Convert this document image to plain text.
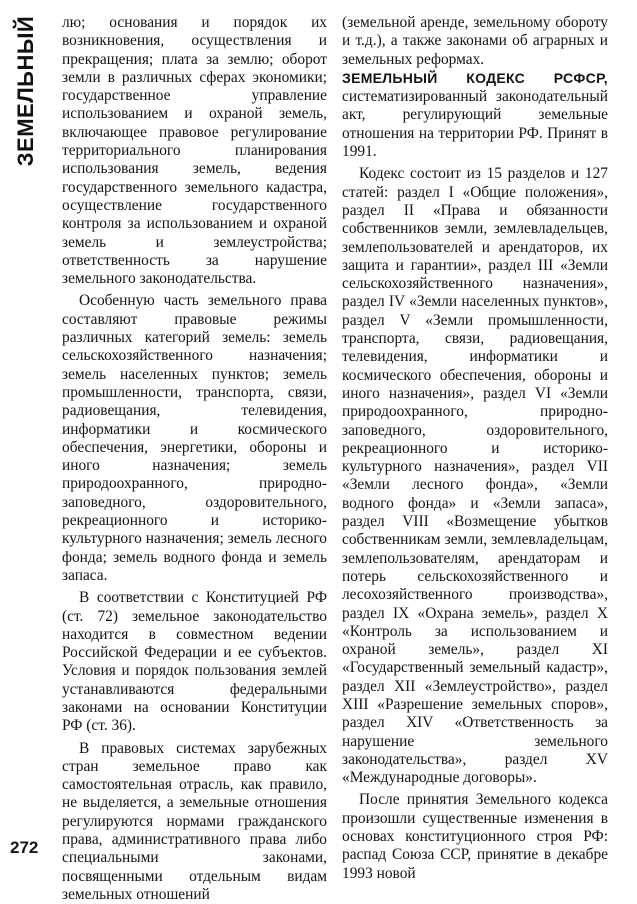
ЗЕМЕЛЬНЫЙ
272

лю; основания и порядок их возникновения, осуществления и прекращения; плата за землю; оборот земли в различных сферах экономики; государственное управление использованием и охраной земель, включающее правовое регулирование территориального планирования использования земель, ведения государственного земельного кадастра, осуществление государственного контроля за использованием и охраной земель и землеустройства; ответственность за нарушение земельного законодательства.

Особенную часть земельного права составляют правовые режимы различных категорий земель: земель сельскохозяйственного назначения; земель населенных пунктов; земель промышленности, транспорта, связи, радиовещания, телевидения, информатики и космического обеспечения, энергетики, обороны и иного назначения; земель природоохранного, природно-заповедного, оздоровительного, рекреационного и историко-культурного назначения; земель лесного фонда; земель водного фонда и земель запаса.

В соответствии с Конституцией РФ (ст. 72) земельное законодательство находится в совместном ведении Российской Федерации и ее субъектов. Условия и порядок пользования землей устанавливаются федеральными законами на основании Конституции РФ (ст. 36).

В правовых системах зарубежных стран земельное право как самостоятельная отрасль, как правило, не выделяется, а земельные отношения регулируются нормами гражданского права, административного права либо специальными законами, посвященными отдельным видам земельных отношений

(земельной аренде, земельному обороту и т.д.), а также законами об аграрных и земельных реформах.

ЗЕМЕЛЬНЫЙ КОДЕКС РСФСР, систематизированный законодательный акт, регулирующий земельные отношения на территории РФ. Принят в 1991.

Кодекс состоит из 15 разделов и 127 статей: раздел I «Общие положения», раздел II «Права и обязанности собственников земли, землевладельцев, землепользователей и арендаторов, их защита и гарантии», раздел III «Земли сельскохозяйственного назначения», раздел IV «Земли населенных пунктов», раздел V «Земли промышленности, транспорта, связи, радиовещания, телевидения, информатики и космического обеспечения, обороны и иного назначения», раздел VI «Земли природоохранного, природно-заповедного, оздоровительного, рекреационного и историко-культурного назначения», раздел VII «Земли лесного фонда», «Земли водного фонда» и «Земли запаса», раздел VIII «Возмещение убытков собственникам земли, землевладельцам, землепользователям, арендаторам и потерь сельскохозяйственного и лесохозяйственного производства», раздел IX «Охрана земель», раздел X «Контроль за использованием и охраной земель», раздел XI «Государственный земельный кадастр», раздел XII «Землеустройство», раздел XIII «Разрешение земельных споров», раздел XIV «Ответственность за нарушение земельного законодательства», раздел XV «Международные договоры».

После принятия Земельного кодекса произошли существенные изменения в основах конституционного строя РФ: распад Союза ССР, принятие в декабре 1993 новой
